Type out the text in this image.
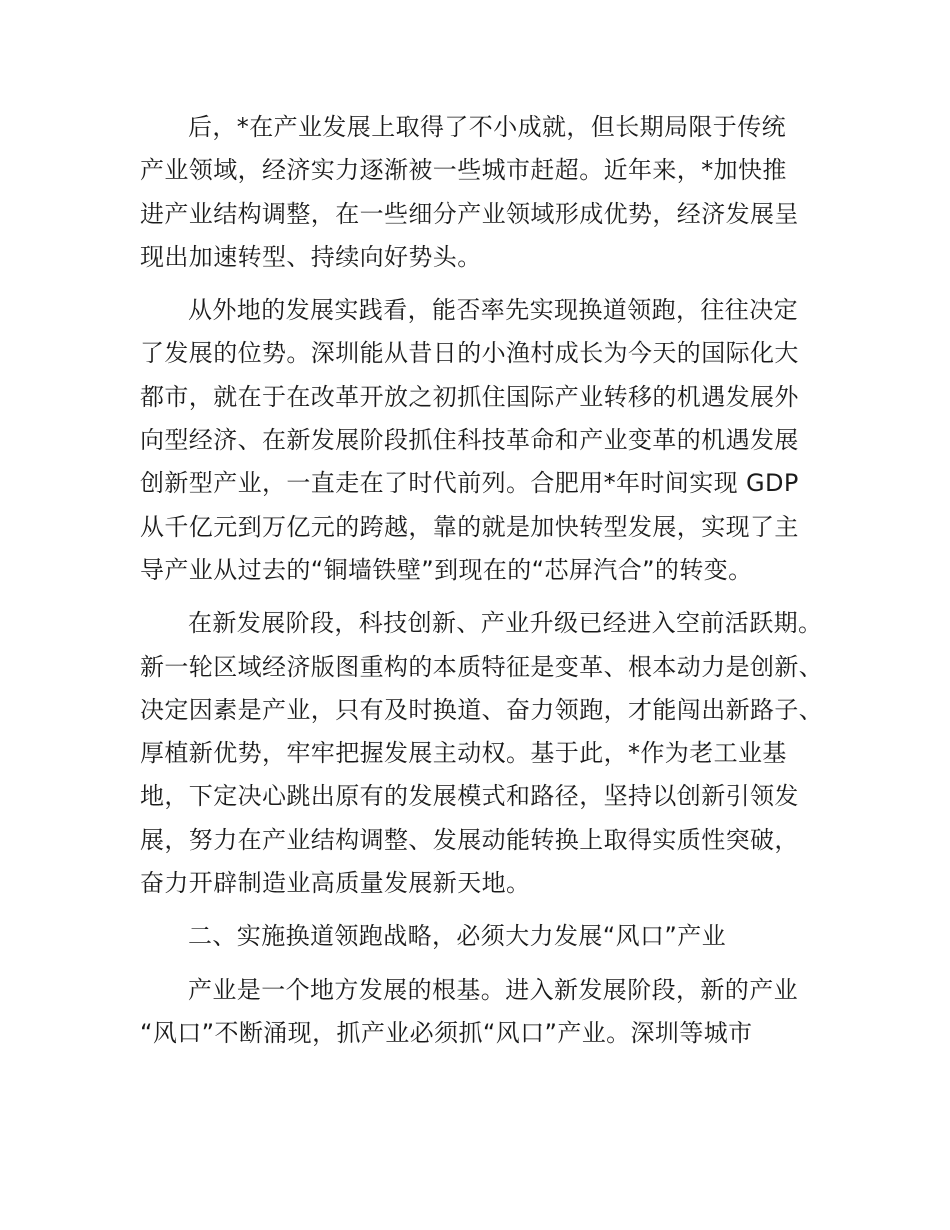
后，*在产业发展上取得了不小成就，但长期局限于传统
产业领域，经济实力逐渐被一些城市赶超。近年来，*加快推
进产业结构调整，在一些细分产业领域形成优势，经济发展呈
现出加速转型、持续向好势头。
从外地的发展实践看，能否率先实现换道领跑，往往决定
了发展的位势。深圳能从昔日的小渔村成长为今天的国际化大
都市，就在于在改革开放之初抓住国际产业转移的机遇发展外
向型经济、在新发展阶段抓住科技革命和产业变革的机遇发展
创新型产业，一直走在了时代前列。合肥用*年时间实现 GDP
从千亿元到万亿元的跨越，靠的就是加快转型发展，实现了主
导产业从过去的“铜墙铁壁”到现在的“芯屏汽合”的转变。
在新发展阶段，科技创新、产业升级已经进入空前活跃期。
新一轮区域经济版图重构的本质特征是变革、根本动力是创新、
决定因素是产业，只有及时换道、奋力领跑，才能闯出新路子、
厚植新优势，牢牢把握发展主动权。基于此，*作为老工业基
地，下定决心跳出原有的发展模式和路径，坚持以创新引领发
展，努力在产业结构调整、发展动能转换上取得实质性突破，
奋力开辟制造业高质量发展新天地。
二、实施换道领跑战略，必须大力发展“风口”产业
产业是一个地方发展的根基。进入新发展阶段，新的产业
“风口”不断涌现，抓产业必须抓“风口”产业。深圳等城市
